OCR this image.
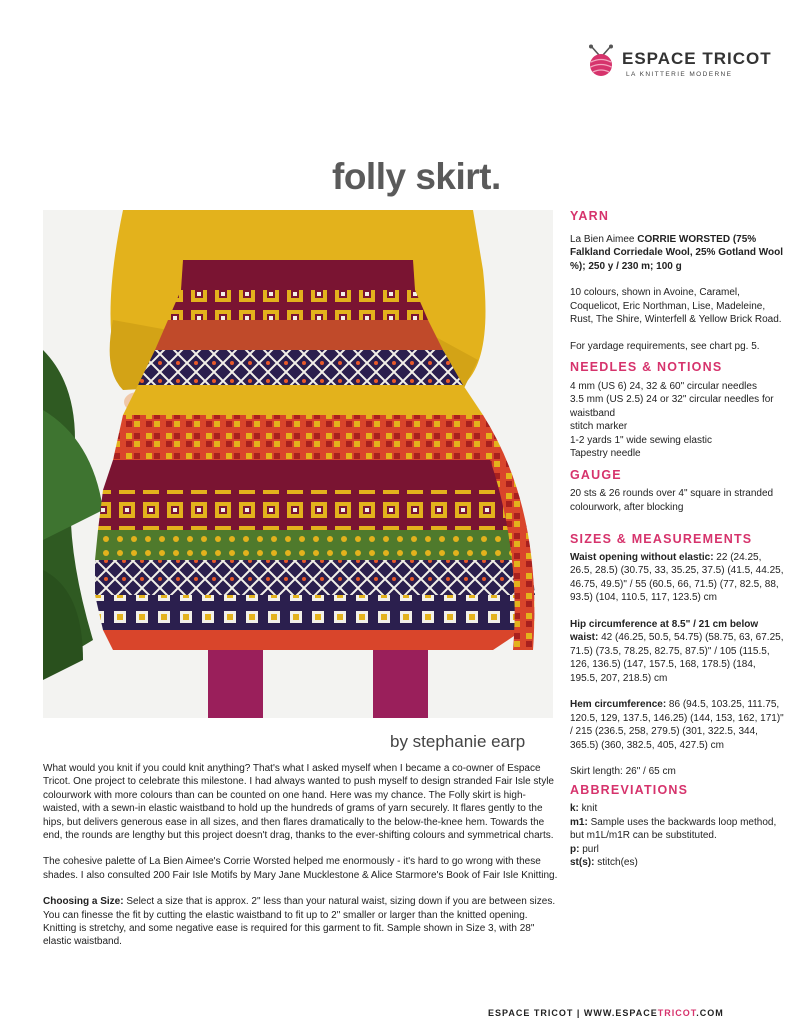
ESPACE TRICOT
LA KNITTERIE MODERNE
folly skirt.
by stephanie earp

YARN

La Bien Aimee CORRIE WORSTED (75% Falkland Corriedale Wool, 25% Gotland Wool %); 250 y / 230 m; 100 g

10 colours, shown in Avoine, Caramel, Coquelicot, Eric Northman, Lise, Madeleine, Rust, The Shire, Winterfell & Yellow Brick Road.

For yardage requirements, see chart pg. 5.

NEEDLES & NOTIONS

4 mm (US 6) 24, 32 & 60" circular needles

3.5 mm (US 2.5) 24 or 32" circular needles for waistband

stitch marker

1-2 yards 1" wide sewing elastic

Tapestry needle

GAUGE

20 sts & 26 rounds over 4" square in stranded colourwork, after blocking

SIZES & MEASUREMENTS

Waist opening without elastic: 22 (24.25, 26.5, 28.5) (30.75, 33, 35.25, 37.5) (41.5, 44.25, 46.75, 49.5)" / 55 (60.5, 66, 71.5) (77, 82.5, 88, 93.5) (104, 110.5, 117, 123.5) cm

Hip circumference at 8.5" / 21 cm below waist: 42 (46.25, 50.5, 54.75) (58.75, 63, 67.25, 71.5) (73.5, 78.25, 82.75, 87.5)" / 105 (115.5, 126, 136.5) (147, 157.5, 168, 178.5) (184, 195.5, 207, 218.5) cm

Hem circumference: 86 (94.5, 103.25, 111.75, 120.5, 129, 137.5, 146.25) (144, 153, 162, 171)" / 215 (236.5, 258, 279.5) (301, 322.5, 344, 365.5) (360, 382.5, 405, 427.5) cm

Skirt length: 26" / 65 cm

ABBREVIATIONS

k: knit

m1: Sample uses the backwards loop method, but m1L/m1R can be substituted.

p: purl

st(s): stitch(es)

What would you knit if you could knit anything? That's what I asked myself when I became a co-owner of Espace Tricot. One project to celebrate this milestone. I had always wanted to push myself to design stranded Fair Isle style colourwork with more colours than can be counted on one hand. Here was my chance. The Folly skirt is high-waisted, with a sewn-in elastic waistband to hold up the hundreds of grams of yarn securely. It flares gently to the hips, but delivers generous ease in all sizes, and then flares dramatically to the below-the-knee hem. Towards the end, the rounds are lengthy but this project doesn't drag, thanks to the ever-shifting colours and symmetrical charts.

The cohesive palette of La Bien Aimee's Corrie Worsted helped me enormously - it's hard to go wrong with these shades. I also consulted 200 Fair Isle Motifs by Mary Jane Mucklestone & Alice Starmore's Book of Fair Isle Knitting.

Choosing a Size: Select a size that is approx. 2" less than your natural waist, sizing down if you are between sizes. You can finesse the fit by cutting the elastic waistband to fit up to 2" smaller or larger than the knitted opening. Knitting is stretchy, and some negative ease is required for this garment to fit. Sample shown in Size 3, with 28" elastic waistband.

ESPACE TRICOT | WWW.ESPACETRICOT.COM
